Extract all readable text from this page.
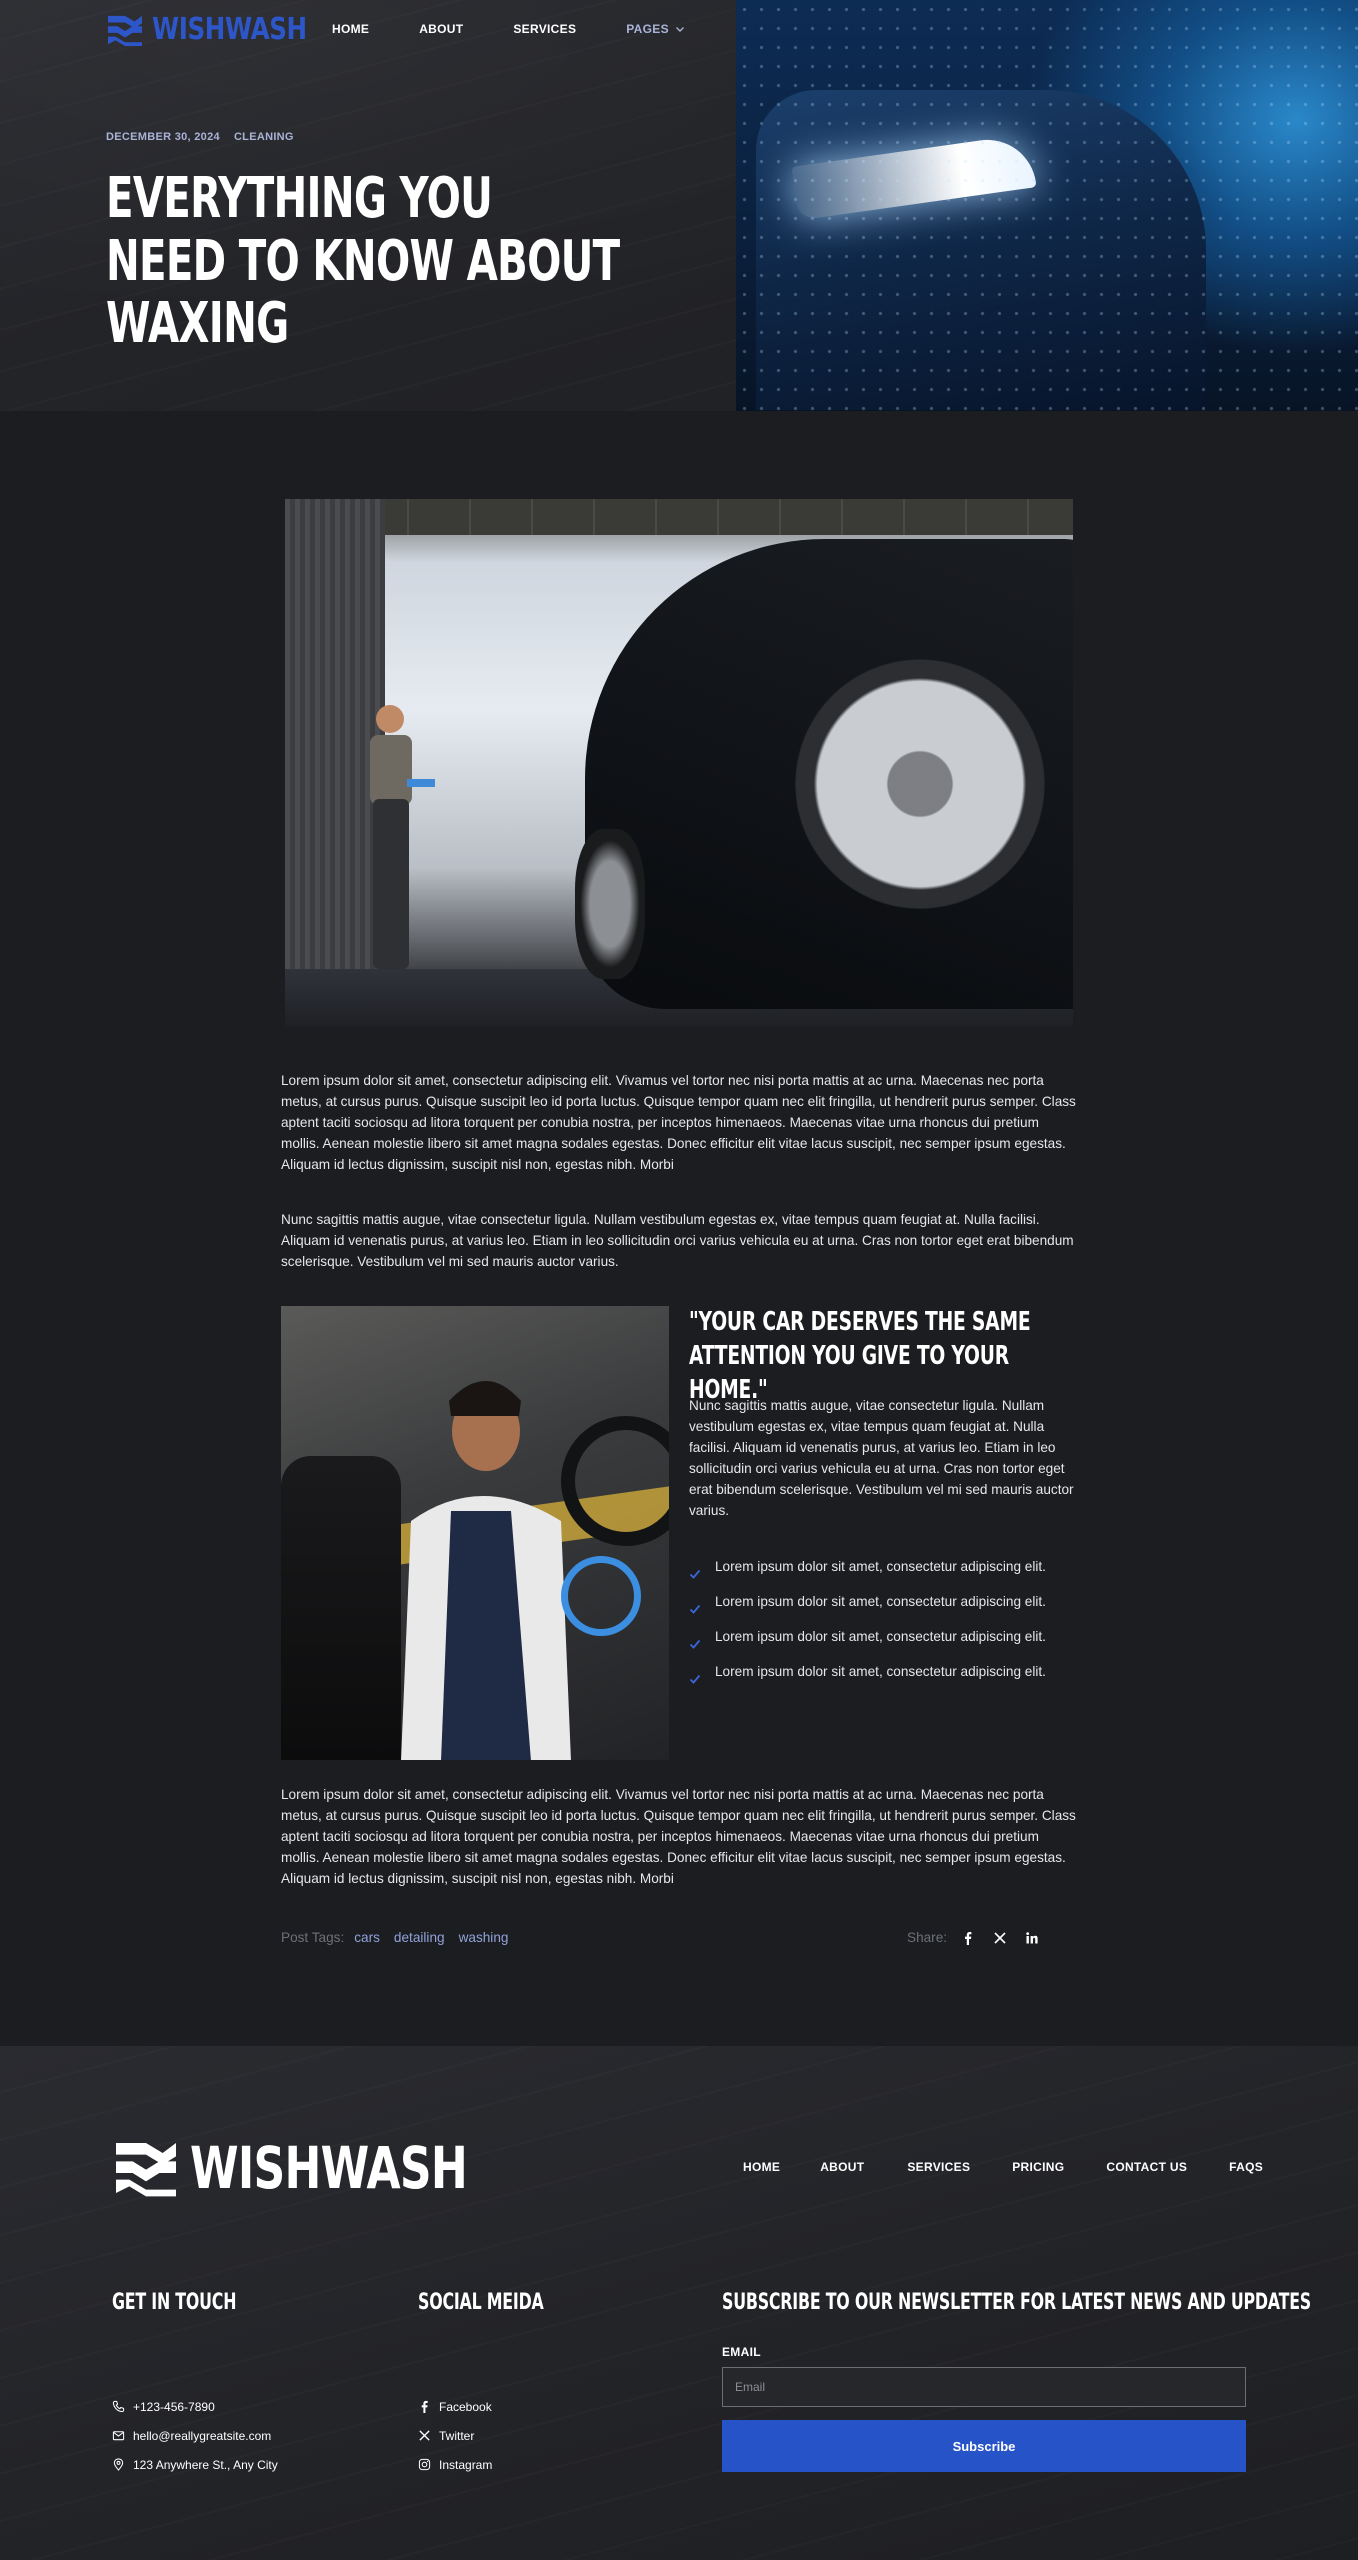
WISHWASH HOME	ABOUT	SERVICES	PAGES
DECEMBER 30, 2024 CLEANING
EVERYTHING YOU NEED TO KNOW ABOUT WAXING

Lorem ipsum dolor sit amet, consectetur adipiscing elit. Vivamus vel tortor nec nisi porta mattis at ac urna. Maecenas nec porta metus, at cursus purus. Quisque suscipit leo id porta luctus. Quisque tempor quam nec elit fringilla, ut hendrerit purus semper. Class aptent taciti sociosqu ad litora torquent per conubia nostra, per inceptos himenaeos. Maecenas vitae urna rhoncus dui pretium mollis. Aenean molestie libero sit amet magna sodales egestas. Donec efficitur elit vitae lacus suscipit, nec semper ipsum egestas. Aliquam id lectus dignissim, suscipit nisl non, egestas nibh. Morbi

Nunc sagittis mattis augue, vitae consectetur ligula. Nullam vestibulum egestas ex, vitae tempus quam feugiat at. Nulla facilisi. Aliquam id venenatis purus, at varius leo. Etiam in leo sollicitudin orci varius vehicula eu at urna. Cras non tortor eget erat bibendum scelerisque. Vestibulum vel mi sed mauris auctor varius.

"YOUR CAR DESERVES THE SAME ATTENTION YOU GIVE TO YOUR HOME."

Nunc sagittis mattis augue, vitae consectetur ligula. Nullam vestibulum egestas ex, vitae tempus quam feugiat at. Nulla facilisi. Aliquam id venenatis purus, at varius leo. Etiam in leo sollicitudin orci varius vehicula eu at urna. Cras non tortor eget erat bibendum scelerisque. Vestibulum vel mi sed mauris auctor varius.

Lorem ipsum dolor sit amet, consectetur adipiscing elit.
Lorem ipsum dolor sit amet, consectetur adipiscing elit.
Lorem ipsum dolor sit amet, consectetur adipiscing elit.
Lorem ipsum dolor sit amet, consectetur adipiscing elit.

Lorem ipsum dolor sit amet, consectetur adipiscing elit. Vivamus vel tortor nec nisi porta mattis at ac urna. Maecenas nec porta metus, at cursus purus. Quisque suscipit leo id porta luctus. Quisque tempor quam nec elit fringilla, ut hendrerit purus semper. Class aptent taciti sociosqu ad litora torquent per conubia nostra, per inceptos himenaeos. Maecenas vitae urna rhoncus dui pretium mollis. Aenean molestie libero sit amet magna sodales egestas. Donec efficitur elit vitae lacus suscipit, nec semper ipsum egestas. Aliquam id lectus dignissim, suscipit nisl non, egestas nibh. Morbi

Post Tags: cars detailing washing	Share:
WISHWASH	HOME	ABOUT	SERVICES	PRICING	CONTACT US	FAQS
GET IN TOUCH	SOCIAL MEIDA	SUBSCRIBE TO OUR NEWSLETTER FOR LATEST NEWS AND UPDATES
+123-456-7890
hello@reallygreatsite.com
123 Anywhere St., Any City
Facebook
Twitter
Instagram
EMAIL
Email
Subscribe
